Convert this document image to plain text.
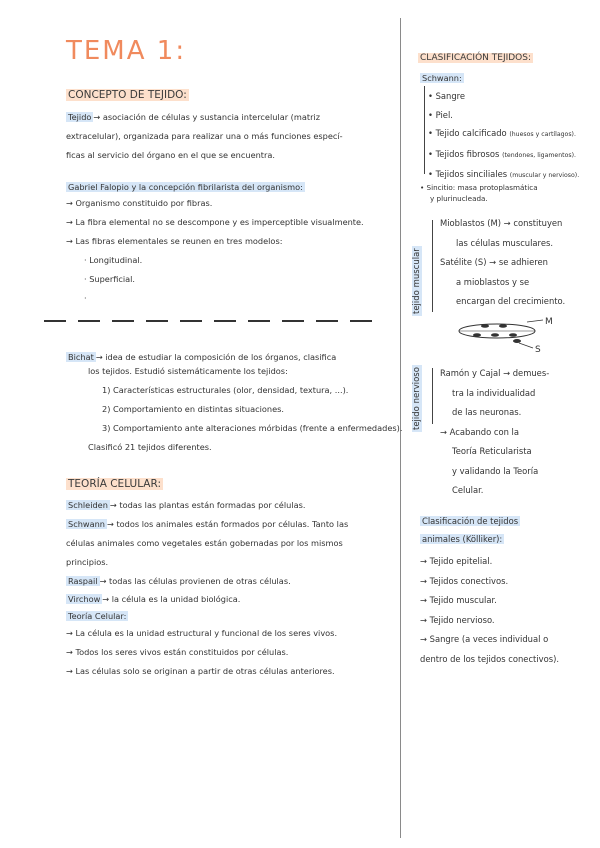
TEMA 1:
CONCEPTO DE TEJIDO:
Tejido → asociación de células y sustancia intercelular (matriz
extracelular), organizada para realizar una o más funciones especí-
ficas al servicio del órgano en el que se encuentra.
Gabriel Falopio y la concepción fibrilarista del organismo:
→ Organismo constituido por fibras.
→ La fibra elemental no se descompone y es imperceptible visualmente.
→ Las fibras elementales se reunen en tres modelos:
· Longitudinal.
· Superficial.
·
Bichat → idea de estudiar la composición de los órganos, clasifica
los tejidos. Estudió sistemáticamente los tejidos:
1) Características estructurales (olor, densidad, textura, ...).
2) Comportamiento en distintas situaciones.
3) Comportamiento ante alteraciones mórbidas (frente a enfermedades).
Clasificó 21 tejidos diferentes.
TEORÍA CELULAR:
Schleiden → todas las plantas están formadas por células.
Schwann → todos los animales están formados por células. Tanto las
células animales como vegetales están gobernadas por los mismos
principios.
Raspail → todas las células provienen de otras células.
Virchow → la célula es la unidad biológica.
Teoría Celular:
→ La célula es la unidad estructural y funcional de los seres vivos.
→ Todos los seres vivos están constituidos por células.
→ Las células solo se originan a partir de otras células anteriores.
CLASIFICACIÓN TEJIDOS:
Schwann:
• Sangre
• Piel.
• Tejido calcificado (huesos y cartílagos).
• Tejidos fibrosos (tendones, ligamentos).
• Tejidos sinciliales (muscular y nervioso).
• Sincitio: masa protoplasmática
y plurinucleada.
tejido muscular
Mioblastos (M) → constituyen
las células musculares.
Satélite (S) → se adhieren
a mioblastos y se
encargan del crecimiento.
M
S
tejido nervioso Ramón y Cajal → demues-
tra la individualidad
de las neuronas.
→ Acabando con la
Teoría Reticularista
y validando la Teoría
Celular.
Clasificación de tejidos
animales (Kölliker):
→ Tejido epitelial.
→ Tejidos conectivos.
→ Tejido muscular.
→ Tejido nervioso.
→ Sangre (a veces individual o
dentro de los tejidos conectivos).
